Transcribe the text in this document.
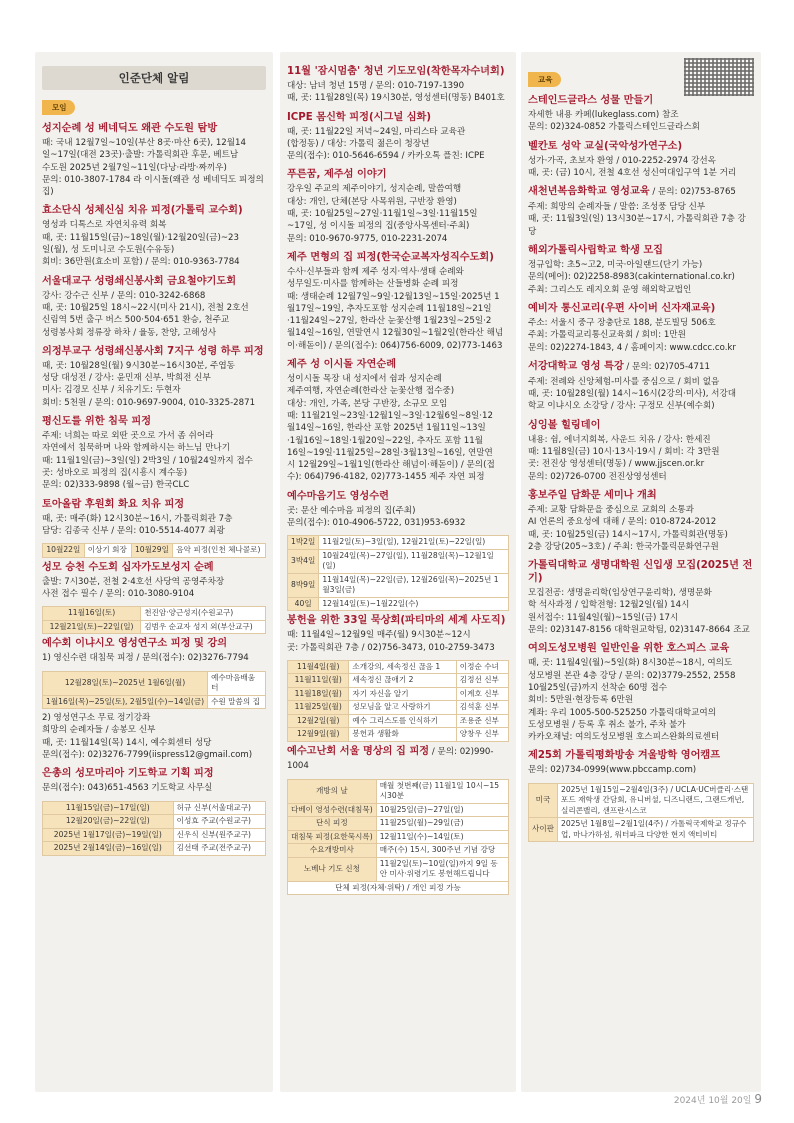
인준단체 알림
모임
성지순례 성 베네딕도 왜관 수도원 탐방

때: 국내 12월7일~10일(부산 8곳·마산 6곳), 12월14

일~17일(대전 23곳)·출발: 가톨릭회관 후문, 베트남

수도원 2025년 2월7일~11일(다낭·라방·짜끼우)

문의: 010-3807-1784 라 이시돌(왜관 성 베네딕도 피정의 집)

효소단식 성체신심 치유 피정(가톨릭 교수회)

영성과 디톡스로 자연치유력 회복

때, 곳: 11월15일(금)~18일(월)·12월20일(금)~23

일(월), 성 도미니코 수도원(수유동)

회비: 36만원(효소비 포함) / 문의: 010-9363-7784

서울대교구 성령쇄신봉사회 금요철야기도회

강사: 강수근 신부 / 문의: 010-3242-6868

때, 곳: 10월25일 18시~22시(미사 21시), 전철 2호선

신림역 5번 출구 버스 500·504·651 환승, 천주교

성령봉사회 정류장 하차 / 율동, 찬양, 고해성사

의정부교구 성령쇄신봉사회 7지구 성령 하루 피정

때, 곳: 10월28일(월) 9시30분~16시30분, 주엽동

성당 대성전 / 강사: 윤민재 신부, 박희전 신부

미사: 김경모 신부 / 치유기도: 두현자

회비: 5천원 / 문의: 010-9697-9004, 010-3325-2871

평신도를 위한 침묵 피정

주제: 너희는 따로 외딴 곳으로 가서 좀 쉬어라

자연에서 침묵하며 나와 함께하시는 하느님 만나기

때: 11월1일(금)~3일(일) 2박3일 / 10월24일까지 접수

곳: 성바오로 피정의 집(시흥시 계수동)

문의: 02)333-9898 (월~금) 한국CLC

토아올람 후원회 화요 치유 피정

때, 곳: 매주(화) 12시30분~16시, 가톨릭회관 7층

담당: 김종국 신부 / 문의: 010-5514-4077 최광

10월22일	이상기 회장	10월29일	음악 피정(인천 체나콜로)
성모 승천 수도회 십자가도보성지 순례

출발: 7시30분, 전철 2·4호선 사당역 공영주차장

사전 접수 필수 / 문의: 010-3080-9104

11월16일(토)	천진암·양근성지(수원교구)
12월21일(토)~22일(일)	김범우 순교자 성지 외(부산교구)
예수회 이냐시오 영성연구소 피정 및 강의

1) 영신수련 대침묵 피정 / 문의(접수): 02)3276-7794

12월28일(토)~2025년 1월6일(월)	예수마음배움터
1월16일(목)~25일(토), 2월5일(수)~14일(금)	수원 말씀의 집

2) 영성연구소 무료 정기강좌

희망의 순례자들 / 송봉모 신부

때, 곳: 11월14일(목) 14시, 예수회센터 성당

문의(접수): 02)3276-7799(iispress12@gmail.com)

은총의 성모마리아 기도학교 기획 피정

문의(접수): 043)651-4563 기도학교 사무실

11월15일(금)~17일(일)	허규 신부(서울대교구)
12월20일(금)~22일(일)	이성효 주교(수원교구)
2025년 1월17일(금)~19일(일)	신우식 신부(원주교구)
2025년 2월14일(금)~16일(일)	김선태 주교(전주교구)
11월 '잠시멈춤' 청년 기도모임(착한목자수녀회)

대상: 남녀 청년 15명 / 문의: 010-7197-1390

때, 곳: 11월28일(목) 19시30분, 영성센터(명동) B401호

ICPE 몸신학 피정(시그널 심화)

때, 곳: 11월22일 저녁~24일, 마리스타 교육관

(합정동) / 대상: 가톨릭 젊은이 청장년

문의(접수): 010-5646-6594 / 카카오톡 플친: ICPE

푸른꿈, 제주섬 이야기

강우일 주교의 제주이야기, 성지순례, 말씀여행

대상: 개인, 단체(본당 사목위원, 구반장 환영)

때, 곳: 10월25일~27일·11월1일~3일·11월15일

~17일, 성 이시돌 피정의 집(중앙사목센터·주최)

문의: 010-9670-9775, 010-2231-2074

제주 면형의 집 피정(한국순교복자성직수도회)

수사·신부들과 함께 제주 성지·역사·생태 순례와

성무일도·미사를 함께하는 산들병화 순례 피정

때: 생태순례 12월7일~9일·12월13일~15일·2025년 1

월17일~19일, 추자도포함 성지순례 11월18일~21일

·11월24일~27일, 한라산 눈꽃산행 1월23일~25일·2

월14일~16일, 연말연시 12월30일~1월2일(한라산 해넘

이·해돋이) / 문의(접수): 064)756-6009, 02)773-1463

제주 성 이시돌 자연순례

성이시돌 목장 내 성지에서 쉼과 성지순례

제주여행, 자연순례(한라산 눈꽃산행 접수중)

대상: 개인, 가족, 본당 구반장, 소규모 모임

때: 11월21일~23일·12월1일~3일·12월6일~8일·12

월14일~16일, 한라산 포함 2025년 1월11일~13일

·1월16일~18일·1월20일~22일, 추자도 포함 11월

16일~19일·11월25일~28일·3월13일~16일, 연말연

시 12월29일~1월1일(한라산 해넘이·해돋이) / 문의(접

수): 064)796-4182, 02)773-1455 제주 자연 피정

예수마음기도 영성수련

곳: 문산 예수마음 피정의 집(주최)

문의(접수): 010-4906-5722, 031)953-6932

1박2일	11월2일(토)~3일(일), 12월21일(토)~22일(일)
3박4일	10월24일(목)~27일(일), 11월28일(목)~12월1일(일)
8박9일	11월14일(목)~22일(금), 12월26일(목)~2025년 1월3일(금)
40일	12월14일(토)~1월22일(수)
봉헌을 위한 33일 묵상회(파티마의 세계 사도직)

때: 11월4일~12월9일 매주(월) 9시30분~12시

곳: 가톨릭회관 7층 / 02)756-3473, 010-2759-3473

11월4일(월)	소개강의, 세속정신 끊음 1	이정순 수녀
11월11일(월)	세속정신 끊애기 2	김정선 신부
11월18일(월)	자기 자신을 알기	이계호 신부
11월25일(월)	성모님을 알고 사랑하기	김석훈 신부
12월2일(월)	예수 그리스도를 인식하기	조용준 신부
12월9일(월)	봉헌과 생활화	양창우 신부
예수고난회 서울 명상의 집 피정 / 문의: 02)990-1004
개방의 날	매월 첫번째(금) 11월1일 10시~15시30분
다베이 영성수련(대침묵)	10월25일(금)~27일(일)
단식 피정	11월25일(월)~29일(금)
대침묵 피정(요한묵시록)	12월11일(수)~14일(토)
수요개방미사	매주(수) 15시, 300주년 기념 강당
노베나 기도 신청	11월2일(토)~10일(일)까지 9일 동안 미사·위령기도 봉헌해드립니다
단체 피정(자체·위탁) / 개인 피정 가능
교육
스테인드글라스 성물 만들기

자세한 내용 카페(lukeglass.com) 참조

문의: 02)324-0852 가톨릭스테인드글라스회

벨칸토 성악 교실(국악성가연구소)

성가·가곡, 초보자 환영 / 010-2252-2974 강선옥

때, 곳: (금) 10시, 전철 4호선 성신여대입구역 1분 거리

새천년복음화학교 영성교육 / 문의: 02)753-8765

주제: 희망의 순례자들 / 말씀: 조성풍 담당 신부

때, 곳: 11월3일(일) 13시30분~17시, 가톨릭회관 7층 강당

해외가톨릭사립학교 학생 모집

정규입학: 초5~고2, 미국·아일랜드(단기 가능)

문의(메어): 02)2258-8983(cakinternational.co.kr)

주최: 그리스도 레지오회 운영 해외학교법인

예비자 통신교리(우편 사이버 신자재교육)

주소: 서울시 중구 장충단로 188, 분도빌딩 506호

주최: 가톨릭교리통신교육회 / 회비: 1만원

문의: 02)2274-1843, 4 / 홈페이지: www.cdcc.co.kr

서강대학교 영성 특강 / 문의: 02)705-4711

주제: 전례와 신앙체험-미사를 중심으로 / 회비 없음

때, 곳: 10월28일(월) 14시~16시(2강의·미사), 서강대

학교 이냐시오 소강당 / 강사: 구정모 신부(예수회)

싱잉볼 힐링데이

내용: 쉼, 에너지회복, 사운드 치유 / 강사: 한세진

때: 11월8일(금) 10시·13시·19시 / 회비: 각 3만원

곳: 전진상 영성센터(명동) / www.jjscen.or.kr

문의: 02)726-0700 전진상영성센터

홍보주일 담화문 세미나 개최

주제: 교황 담화문을 중심으로 교회의 소통과

AI 언론의 중요성에 대해 / 문의: 010-8724-2012

때, 곳: 10월25일(금) 14시~17시, 가톨릭회관(명동)

2층 강당(205~3호) / 주최: 한국가톨릭문화연구원

가톨릭대학교 생명대학원 신입생 모집(2025년 전기)

모집전공: 생명윤리학(임상연구윤리학), 생명문화

학 석사과정 / 입학전형: 12월2일(월) 14시

원서접수: 11월4일(월)~15일(금) 17시

문의: 02)3147-8156 대학원교학팀, 02)3147-8664 조교

여의도성모병원 일반인을 위한 호스피스 교육

때, 곳: 11월4일(월)~5일(화) 8시30분~18시, 여의도

성모병원 본관 4층 강당 / 문의: 02)3779-2552, 2558

10월25일(금)까지 선착순 60명 접수

회비: 5만원·현장등록 6만원

계좌: 우리 1005-500-525250 가톨릭대학교여의

도성모병원 / 등록 후 취소 불가, 주차 불가

카카오채널: 여의도성모병원 호스피스완화의료센터

제25회 가톨릭평화방송 겨울방학 영어캠프

문의: 02)734-0999(www.pbccamp.com)

미국	2025년 1월15일~2월4일(3주) / UCLA·UC버클리·스탠포드 재학생 간담회, 유니버셜, 디즈니랜드, 그랜드캐년, 실리콘밸리, 샌프란시스코
사이판	2025년 1월8일~2월1일(4주) / 가톨릭국제학교 정규수업, 마나가하섬, 워터파크 다양한 현지 액티비티
2024년 10월 20일 9
